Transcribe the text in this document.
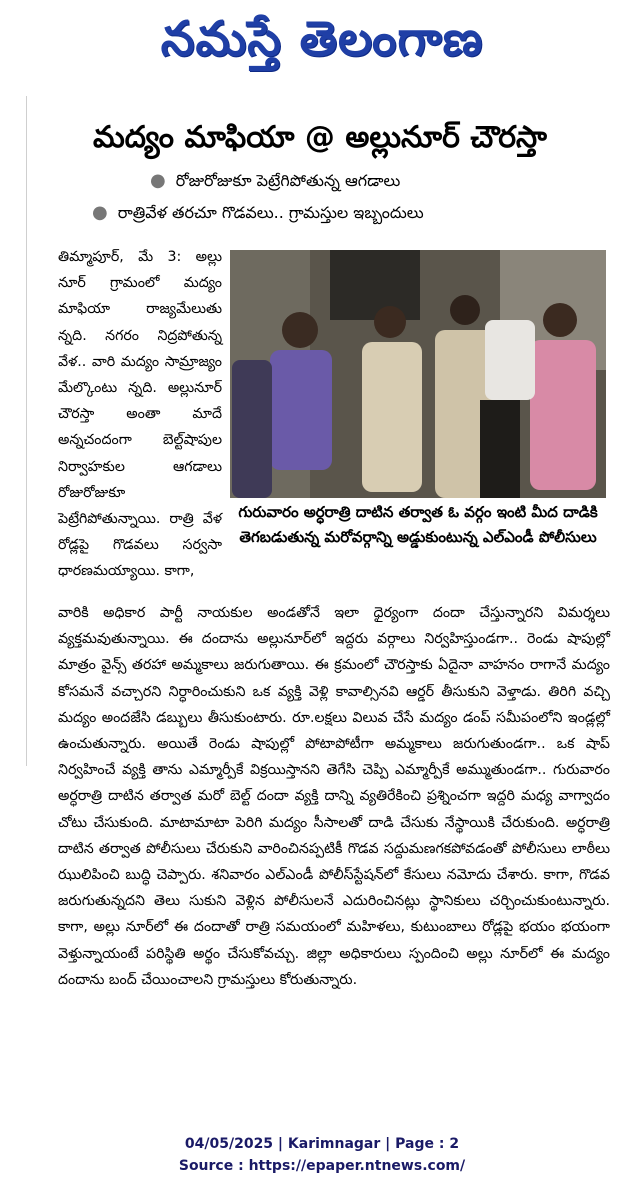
నమస్తే తెలంగాణ
మద్యం మాఫియా @ అల్లునూర్ చౌరస్తా
● రోజురోజుకూ పెట్రేగిపోతున్న ఆగడాలు
● రాత్రివేళ తరచూ గొడవలు.. గ్రామస్తుల ఇబ్బందులు
తిమ్మాపూర్, మే 3: అల్లు నూర్ గ్రామంలో మద్యం మాఫియా రాజ్యమేలుతు న్నది. నగరం నిద్రపోతున్న వేళ.. వారి మద్యం సామ్రాజ్యం మేల్కొంటు న్నది. అల్లునూర్ చౌరస్తా అంతా మాదే అన్నచందంగా బెల్ట్‌షాపుల నిర్వాహకుల ఆగడాలు రోజురోజుకూ పెట్రేగిపోతున్నాయి. రాత్రి వేళ రోడ్లపై గొడవలు సర్వసా ధారణమయ్యాయి. కాగా,
గురువారం అర్ధరాత్రి దాటిన తర్వాత ఓ వర్గం ఇంటి మీద దాడికి తెగబడుతున్న మరోవర్గాన్ని అడ్డుకుంటున్న ఎల్ఎండీ పోలీసులు
వారికి అధికార పార్టీ నాయకుల అండతోనే ఇలా ధైర్యంగా దందా చేస్తున్నారని విమర్శలు వ్యక్తమవుతున్నాయి. ఈ దందాను అల్లునూర్‌లో ఇద్దరు వర్గాలు నిర్వహిస్తుండగా.. రెండు షాపుల్లో మాత్రం వైన్స్ తరహా అమ్మకాలు జరుగుతాయి. ఈ క్రమంలో చౌరస్తాకు ఏదైనా వాహనం రాగానే మద్యం కోసమనే వచ్చారని నిర్ధారించుకుని ఒక వ్యక్తి వెళ్లి కావాల్సినవి ఆర్డర్ తీసుకుని వెళ్తాడు. తిరిగి వచ్చి మద్యం అందజేసి డబ్బులు తీసుకుంటారు. రూ.లక్షలు విలువ చేసే మద్యం డంప్ సమీపంలోని ఇండ్లల్లో ఉంచుతున్నారు. అయితే రెండు షాపుల్లో పోటాపోటీగా అమ్మకాలు జరుగుతుండగా.. ఒక షాప్ నిర్వహించే వ్యక్తి తాను ఎమ్మార్పీకే విక్రయిస్తానని తెగేసి చెప్పి ఎమ్మార్పీకే అమ్ముతుండగా.. గురువారం అర్ధరాత్రి దాటిన తర్వాత మరో బెల్ట్ దందా వ్యక్తి దాన్ని వ్యతిరేకించి ప్రశ్నించగా ఇద్దరి మధ్య వాగ్వాదం చోటు చేసుకుంది. మాటామాటా పెరిగి మద్యం సీసాలతో దాడి చేసుకు నేస్థాయికి చేరుకుంది. అర్ధరాత్రి దాటిన తర్వాత పోలీసులు చేరుకుని వారించినప్పటికీ గొడవ సద్దుమణగకపోవడంతో పోలీసులు లాఠీలు ఝులిపించి బుద్ధి చెప్పారు. శనివారం ఎల్ఎండీ పోలీస్‌స్టేషన్‌లో కేసులు నమోదు చేశారు. కాగా, గొడవ జరుగుతున్నదని తెలు సుకుని వెళ్లిన పోలీసులనే ఎదురించినట్లు స్థానికులు చర్చించుకుంటున్నారు. కాగా, అల్లు నూర్‌లో ఈ దందాతో రాత్రి సమయంలో మహిళలు, కుటుంబాలు రోడ్లపై భయం భయంగా వెళ్తున్నాయంటే పరిస్థితి అర్థం చేసుకోవచ్చు. జిల్లా అధికారులు స్పందించి అల్లు నూర్‌లో ఈ మద్యం దందాను బంద్ చేయించాలని గ్రామస్తులు కోరుతున్నారు.
04/05/2025 | Karimnagar | Page : 2
Source : https://epaper.ntnews.com/
